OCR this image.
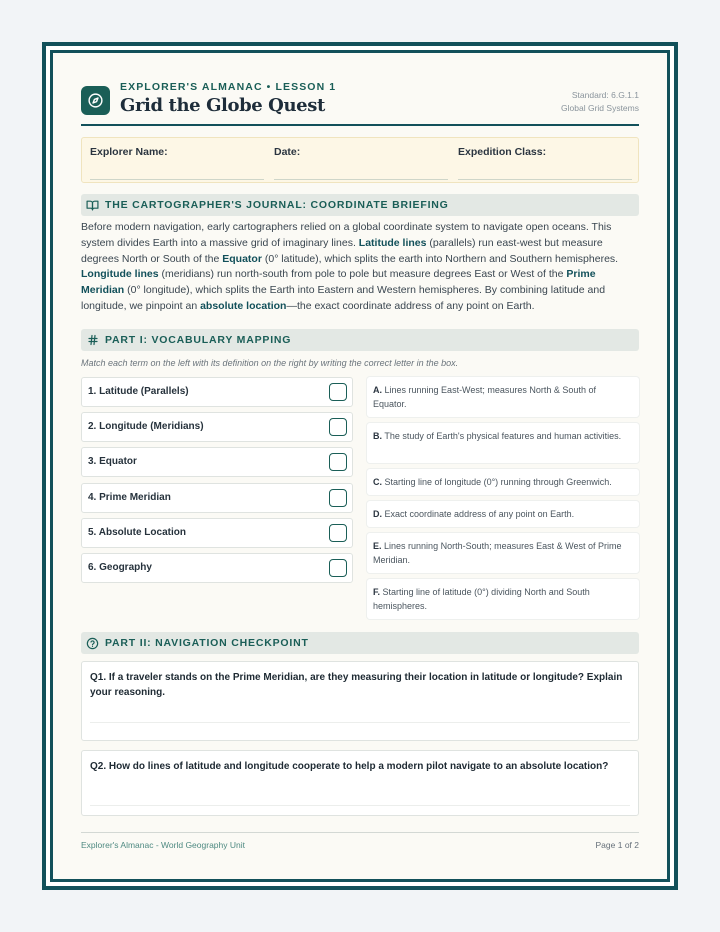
EXPLORER'S ALMANAC • LESSON 1
Grid the Globe Quest	Standard: 6.G.1.1
Global Grid Systems
Explorer Name:	Date:	Expedition Class:
THE CARTOGRAPHER'S JOURNAL: COORDINATE BRIEFING
Before modern navigation, early cartographers relied on a global coordinate system to navigate open oceans. This system divides Earth into a massive grid of imaginary lines. Latitude lines (parallels) run east-west but measure degrees North or South of the Equator (0° latitude), which splits the earth into Northern and Southern hemispheres. Longitude lines (meridians) run north-south from pole to pole but measure degrees East or West of the Prime Meridian (0° longitude), which splits the Earth into Eastern and Western hemispheres. By combining latitude and longitude, we pinpoint an absolute location—the exact coordinate address of any point on Earth.
PART I: VOCABULARY MAPPING
Match each term on the left with its definition on the right by writing the correct letter in the box.
1. Latitude (Parallels)
2. Longitude (Meridians)
3. Equator
4. Prime Meridian
5. Absolute Location
6. Geography
A. Lines running East-West; measures North & South of Equator.
B. The study of Earth's physical features and human activities.
C. Starting line of longitude (0°) running through Greenwich.
D. Exact coordinate address of any point on Earth.
E. Lines running North-South; measures East & West of Prime Meridian.
F. Starting line of latitude (0°) dividing North and South hemispheres.
PART II: NAVIGATION CHECKPOINT
Q1. If a traveler stands on the Prime Meridian, are they measuring their location in latitude or longitude? Explain your reasoning.
Q2. How do lines of latitude and longitude cooperate to help a modern pilot navigate to an absolute location?
Explorer's Almanac - World Geography Unit	Page 1 of 2
